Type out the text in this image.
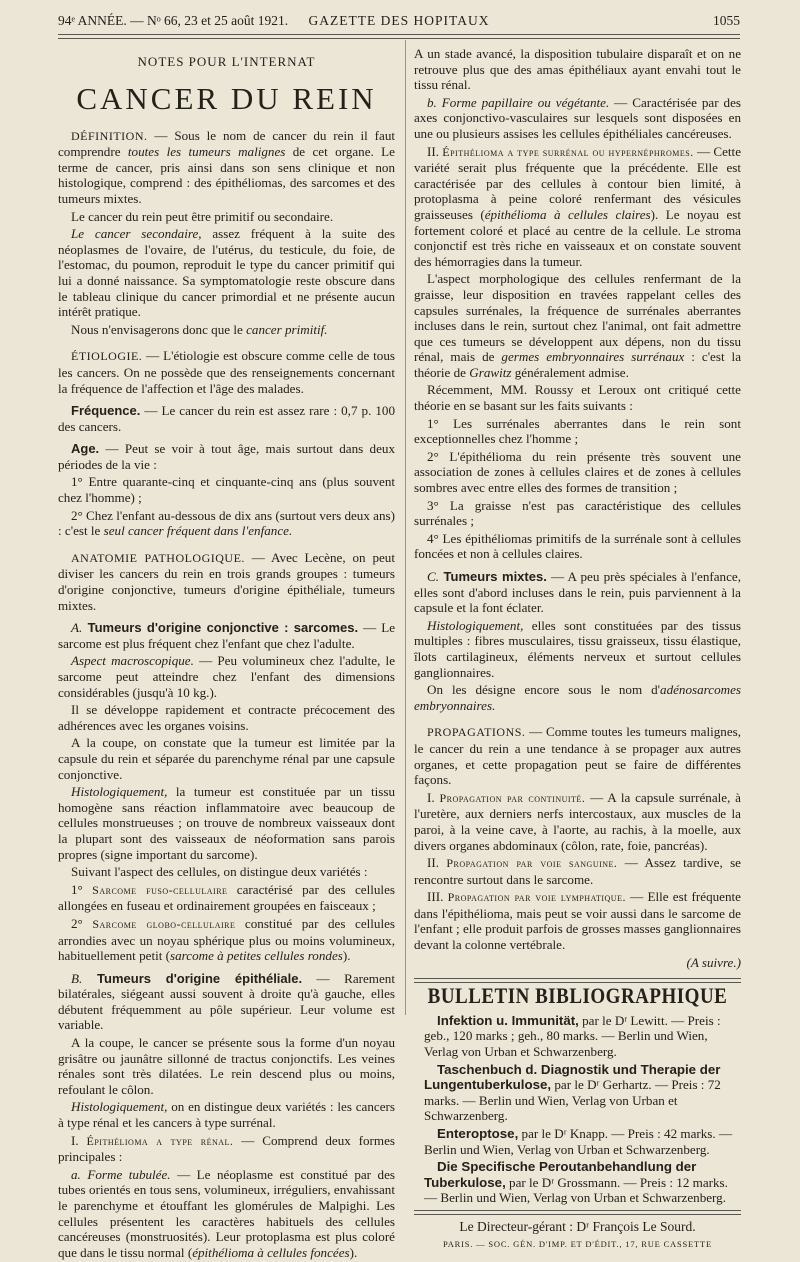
94ᵉ ANNÉE. — Nᵒ 66, 23 et 25 août 1921.	GAZETTE DES HOPITAUX	1055
NOTES POUR L'INTERNAT
CANCER DU REIN

DÉFINITION. — Sous le nom de cancer du rein il faut comprendre toutes les tumeurs malignes de cet organe. Le terme de cancer, pris ainsi dans son sens clinique et non histologique, comprend : des épithéliomas, des sarcomes et des tumeurs mixtes.

Le cancer du rein peut être primitif ou secondaire.

Le cancer secondaire, assez fréquent à la suite des néoplasmes de l'ovaire, de l'utérus, du testicule, du foie, de l'estomac, du poumon, reproduit le type du cancer primitif qui lui a donné naissance. Sa symptomatologie reste obscure dans le tableau clinique du cancer primordial et ne présente aucun intérêt pratique.

Nous n'envisagerons donc que le cancer primitif.

ÉTIOLOGIE. — L'étiologie est obscure comme celle de tous les cancers. On ne possède que des renseignements concernant la fréquence de l'affection et l'âge des malades.

Fréquence. — Le cancer du rein est assez rare : 0,7 p. 100 des cancers.

Age. — Peut se voir à tout âge, mais surtout dans deux périodes de la vie :

1° Entre quarante-cinq et cinquante-cinq ans (plus souvent chez l'homme) ;

2° Chez l'enfant au-dessous de dix ans (surtout vers deux ans) : c'est le seul cancer fréquent dans l'enfance.

ANATOMIE PATHOLOGIQUE. — Avec Lecène, on peut diviser les cancers du rein en trois grands groupes : tumeurs d'origine conjonctive, tumeurs d'origine épithéliale, tumeurs mixtes.

A. Tumeurs d'origine conjonctive : sarcomes. — Le sarcome est plus fréquent chez l'enfant que chez l'adulte.

Aspect macroscopique. — Peu volumineux chez l'adulte, le sarcome peut atteindre chez l'enfant des dimensions considérables (jusqu'à 10 kg.).

Il se développe rapidement et contracte précocement des adhérences avec les organes voisins.

A la coupe, on constate que la tumeur est limitée par la capsule du rein et séparée du parenchyme rénal par une capsule conjonctive.

Histologiquement, la tumeur est constituée par un tissu homogène sans réaction inflammatoire avec beaucoup de cellules monstrueuses ; on trouve de nombreux vaisseaux dont la plupart sont des vaisseaux de néoformation sans parois propres (signe important du sarcome).

Suivant l'aspect des cellules, on distingue deux variétés :

1° Sarcome fuso-cellulaire caractérisé par des cellules allongées en fuseau et ordinairement groupées en faisceaux ;

2° Sarcome globo-cellulaire constitué par des cellules arrondies avec un noyau sphérique plus ou moins volumineux, habituellement petit (sarcome à petites cellules rondes).

B. Tumeurs d'origine épithéliale. — Rarement bilatérales, siégeant aussi souvent à droite qu'à gauche, elles débutent fréquemment au pôle supérieur. Leur volume est variable.

A la coupe, le cancer se présente sous la forme d'un noyau grisâtre ou jaunâtre sillonné de tractus conjonctifs. Les veines rénales sont très dilatées. Le rein descend plus ou moins, refoulant le côlon.

Histologiquement, on en distingue deux variétés : les cancers à type rénal et les cancers à type surrénal.

I. Épithélioma a type rénal. — Comprend deux formes principales :

a. Forme tubulée. — Le néoplasme est constitué par des tubes orientés en tous sens, volumineux, irréguliers, envahissant le parenchyme et étouffant les glomérules de Malpighi. Les cellules présentent les caractères habituels des cellules cancéreuses (monstruosités). Leur protoplasma est plus coloré que dans le tissu normal (épithélioma à cellules foncées).

A un stade avancé, la disposition tubulaire disparaît et on ne retrouve plus que des amas épithéliaux ayant envahi tout le tissu rénal.

b. Forme papillaire ou végétante. — Caractérisée par des axes conjonctivo-vasculaires sur lesquels sont disposées en une ou plusieurs assises les cellules épithéliales cancéreuses.

II. Épithélioma a type surrénal ou hypernéphromes. — Cette variété serait plus fréquente que la précédente. Elle est caractérisée par des cellules à contour bien limité, à protoplasma à peine coloré renfermant des vésicules graisseuses (épithélioma à cellules claires). Le noyau est fortement coloré et placé au centre de la cellule. Le stroma conjonctif est très riche en vaisseaux et on constate souvent des hémorragies dans la tumeur.

L'aspect morphologique des cellules renfermant de la graisse, leur disposition en travées rappelant celles des capsules surrénales, la fréquence de surrénales aberrantes incluses dans le rein, surtout chez l'animal, ont fait admettre que ces tumeurs se développent aux dépens, non du tissu rénal, mais de germes embryonnaires surrénaux : c'est la théorie de Grawitz généralement admise.

Récemment, MM. Roussy et Leroux ont critiqué cette théorie en se basant sur les faits suivants :

1° Les surrénales aberrantes dans le rein sont exceptionnelles chez l'homme ;

2° L'épithélioma du rein présente très souvent une association de zones à cellules claires et de zones à cellules sombres avec entre elles des formes de transition ;

3° La graisse n'est pas caractéristique des cellules surrénales ;

4° Les épithéliomas primitifs de la surrénale sont à cellules foncées et non à cellules claires.

C. Tumeurs mixtes. — A peu près spéciales à l'enfance, elles sont d'abord incluses dans le rein, puis parviennent à la capsule et la font éclater.

Histologiquement, elles sont constituées par des tissus multiples : fibres musculaires, tissu graisseux, tissu élastique, îlots cartilagineux, éléments nerveux et surtout cellules ganglionnaires.

On les désigne encore sous le nom d'adénosarcomes embryonnaires.

PROPAGATIONS. — Comme toutes les tumeurs malignes, le cancer du rein a une tendance à se propager aux autres organes, et cette propagation peut se faire de différentes façons.

I. Propagation par continuité. — A la capsule surrénale, à l'uretère, aux derniers nerfs intercostaux, aux muscles de la paroi, à la veine cave, à l'aorte, au rachis, à la moelle, aux divers organes abdominaux (côlon, rate, foie, pancréas).

II. Propagation par voie sanguine. — Assez tardive, se rencontre surtout dans le sarcome.

III. Propagation par voie lymphatique. — Elle est fréquente dans l'épithélioma, mais peut se voir aussi dans le sarcome de l'enfant ; elle produit parfois de grosses masses ganglionnaires devant la colonne vertébrale.

(A suivre.)

BULLETIN BIBLIOGRAPHIQUE

Infektion u. Immunität, par le Dʳ Lewitt. — Preis : geb., 120 marks ; geh., 80 marks. — Berlin und Wien, Verlag von Urban et Schwarzenberg.

Taschenbuch d. Diagnostik und Therapie der Lungentuberkulose, par le Dʳ Gerhartz. — Preis : 72 marks. — Berlin und Wien, Verlag von Urban et Schwarzenberg.

Enteroptose, par le Dʳ Knapp. — Preis : 42 marks. — Berlin und Wien, Verlag von Urban et Schwarzenberg.

Die Specifische Peroutanbehandlung der Tuberkulose, par le Dʳ Grossmann. — Preis : 12 marks. — Berlin und Wien, Verlag von Urban et Schwarzenberg.

Le Directeur-gérant : Dʳ François Le Sourd.
PARIS. — SOC. GÉN. D'IMP. ET D'ÉDIT., 17, RUE CASSETTE
